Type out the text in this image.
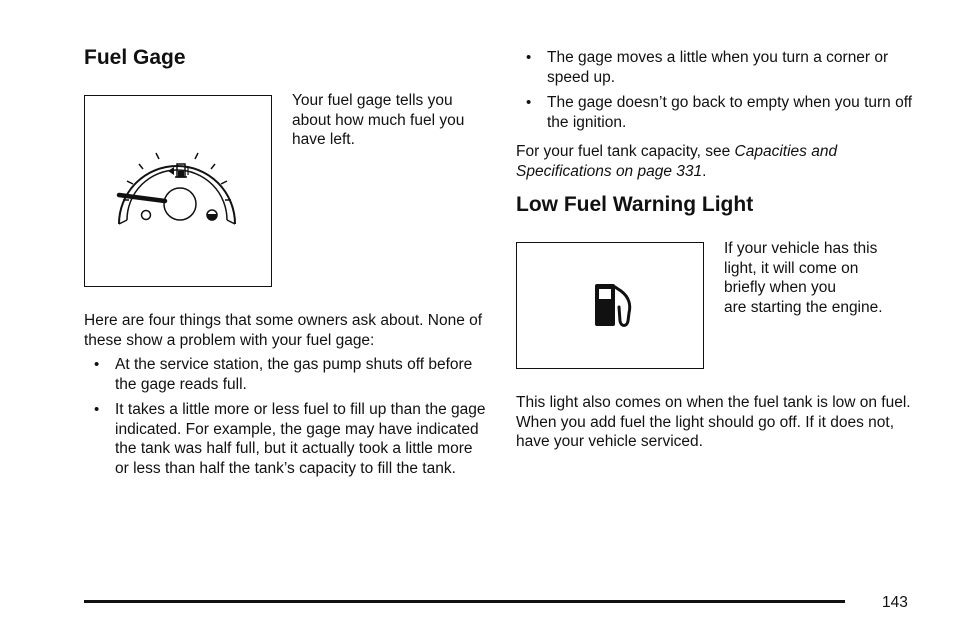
Fuel Gage

Your fuel gage tells you about how much fuel you have left.

Here are four things that some owners ask about. None of these show a problem with your fuel gage:

• At the service station, the gas pump shuts off before the gage reads full.
• It takes a little more or less fuel to fill up than the gage indicated. For example, the gage may have indicated the tank was half full, but it actually took a little more or less than half the tank’s capacity to fill the tank.
• The gage moves a little when you turn a corner or speed up.
• The gage doesn’t go back to empty when you turn off the ignition.

For your fuel tank capacity, see Capacities and Specifications on page 331.

Low Fuel Warning Light

If your vehicle has this

light, it will come on

briefly when you

are starting the engine.

This light also comes on when the fuel tank is low on fuel. When you add fuel the light should go off. If it does not, have your vehicle serviced.

143
